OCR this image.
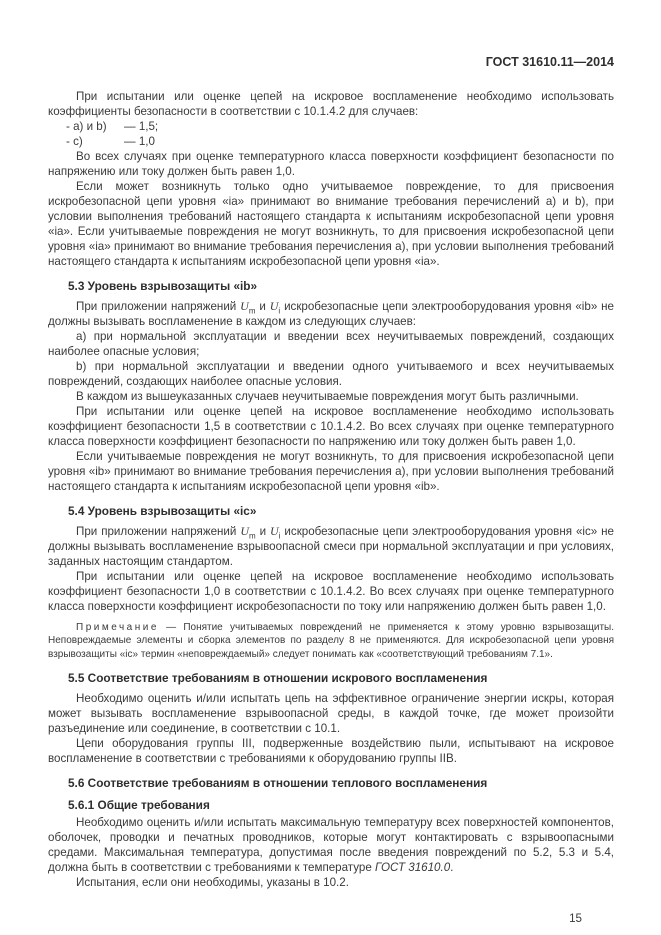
ГОСТ 31610.11—2014

При испытании или оценке цепей на искровое воспламенение необходимо использовать коэффициенты безопасности в соответствии с 10.1.4.2 для случаев:

- a) и b)	— 1,5;
- c)	— 1,0

Во всех случаях при оценке температурного класса поверхности коэффициент безопасности по напряжению или току должен быть равен 1,0.

Если может возникнуть только одно учитываемое повреждение, то для присвоения искробезопасной цепи уровня «ia» принимают во внимание требования перечислений a) и b), при условии выполнения требований настоящего стандарта к испытаниям искробезопасной цепи уровня «ia». Если учитываемые повреждения не могут возникнуть, то для присвоения искробезопасной цепи уровня «ia» принимают во внимание требования перечисления a), при условии выполнения требований настоящего стандарта к испытаниям искробезопасной цепи уровня «ia».

5.3 Уровень взрывозащиты «ib»

При приложении напряжений $U_m$ и $U_i$ искробезопасные цепи электрооборудования уровня «ib» не должны вызывать воспламенение в каждом из следующих случаев:

a) при нормальной эксплуатации и введении всех неучитываемых повреждений, создающих наиболее опасные условия;

b) при нормальной эксплуатации и введении одного учитываемого и всех неучитываемых повреждений, создающих наиболее опасные условия.

В каждом из вышеуказанных случаев неучитываемые повреждения могут быть различными.

При испытании или оценке цепей на искровое воспламенение необходимо использовать коэффициент безопасности 1,5 в соответствии с 10.1.4.2. Во всех случаях при оценке температурного класса поверхности коэффициент безопасности по напряжению или току должен быть равен 1,0.

Если учитываемые повреждения не могут возникнуть, то для присвоения искробезопасной цепи уровня «ib» принимают во внимание требования перечисления a), при условии выполнения требований настоящего стандарта к испытаниям искробезопасной цепи уровня «ib».

5.4 Уровень взрывозащиты «ic»

При приложении напряжений $U_m$ и $U_i$ искробезопасные цепи электрооборудования уровня «ic» не должны вызывать воспламенение взрывоопасной смеси при нормальной эксплуатации и при условиях, заданных настоящим стандартом.

При испытании или оценке цепей на искровое воспламенение необходимо использовать коэффициент безопасности 1,0 в соответствии с 10.1.4.2. Во всех случаях при оценке температурного класса поверхности коэффициент искробезопасности по току или напряжению должен быть равен 1,0.

Примечание — Понятие учитываемых повреждений не применяется к этому уровню взрывозащиты. Неповреждаемые элементы и сборка элементов по разделу 8 не применяются. Для искробезопасной цепи уровня взрывозащиты «ic» термин «неповреждаемый» следует понимать как «соответствующий требованиям 7.1».

5.5 Соответствие требованиям в отношении искрового воспламенения

Необходимо оценить и/или испытать цепь на эффективное ограничение энергии искры, которая может вызывать воспламенение взрывоопасной среды, в каждой точке, где может произойти разъединение или соединение, в соответствии с 10.1.

Цепи оборудования группы III, подверженные воздействию пыли, испытывают на искровое воспламенение в соответствии с требованиями к оборудованию группы IIB.

5.6 Соответствие требованиям в отношении теплового воспламенения
5.6.1 Общие требования

Необходимо оценить и/или испытать максимальную температуру всех поверхностей компонентов, оболочек, проводки и печатных проводников, которые могут контактировать с взрывоопасными средами. Максимальная температура, допустимая после введения повреждений по 5.2, 5.3 и 5.4, должна быть в соответствии с требованиями к температуре ГОСТ 31610.0.

Испытания, если они необходимы, указаны в 10.2.

15
